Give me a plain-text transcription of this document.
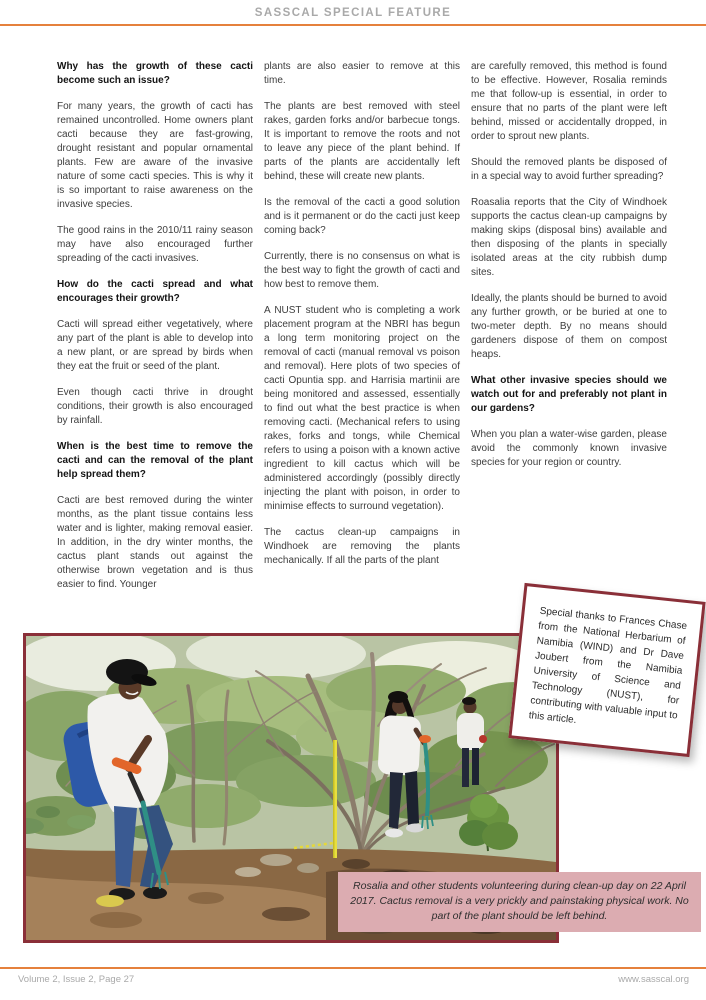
SASSCAL SPECIAL FEATURE
Why has the growth of these cacti become such an issue?
For many years, the growth of cacti has remained uncontrolled. Home owners plant cacti because they are fast-growing, drought resistant and popular ornamental plants. Few are aware of the invasive nature of some cacti species. This is why it is so important to raise awareness on the invasive species.
The good rains in the 2010/11 rainy season may have also encouraged further spreading of the cacti invasives.
How do the cacti spread and what encourages their growth?
Cacti will spread either vegetatively, where any part of the plant is able to develop into a new plant, or are spread by birds when they eat the fruit or seed of the plant.
Even though cacti thrive in drought conditions, their growth is also encouraged by rainfall.
When is the best time to remove the cacti and can the removal of the plant help spread them?
Cacti are best removed during the winter months, as the plant tissue contains less water and is lighter, making removal easier. In addition, in the dry winter months, the cactus plant stands out against the otherwise brown vegetation and is thus easier to find. Younger
plants are also easier to remove at this time.
The plants are best removed with steel rakes, garden forks and/or barbecue tongs. It is important to remove the roots and not to leave any piece of the plant behind. If parts of the plants are accidentally left behind, these will create new plants.
Is the removal of the cacti a good solution and is it permanent or do the cacti just keep coming back?
Currently, there is no consensus on what is the best way to fight the growth of cacti and how best to remove them.
A NUST student who is completing a work placement program at the NBRI has begun a long term monitoring project on the removal of cacti (manual removal vs poison and removal). Here plots of two species of cacti Opuntia spp. and Harrisia martinii are being monitored and assessed, essentially to find out what the best practice is when removing cacti. (Mechanical refers to using rakes, forks and tongs, while Chemical refers to using a poison with a known active ingredient to kill cactus which will be administered accordingly (possibly directly injecting the plant with poison, in order to minimise effects to surround vegetation).
The cactus clean-up campaigns in Windhoek are removing the plants mechanically. If all the parts of the plant
are carefully removed, this method is found to be effective. However, Rosalia reminds me that follow-up is essential, in order to ensure that no parts of the plant were left behind, missed or accidentally dropped, in order to sprout new plants.
Should the removed plants be disposed of in a special way to avoid further spreading?
Roasalia reports that the City of Windhoek supports the cactus clean-up campaigns by making skips (disposal bins) available and then disposing of the plants in specially isolated areas at the city rubbish dump sites.
Ideally, the plants should be burned to avoid any further growth, or be buried at one to two-meter depth. By no means should gardeners dispose of them on compost heaps.
What other invasive species should we watch out for and preferably not plant in our gardens?
When you plan a water-wise garden, please avoid the commonly known invasive species for your region or country.
Special thanks to Frances Chase from the National Herbarium of Namibia (WIND) and Dr Dave Joubert from the Namibia University of Science and Technology (NUST), for contributing with valuable input to this article.
Rosalia and other students volunteering during clean-up day on 22 April 2017. Cactus removal is a very prickly and painstaking physical work. No part of the plant should be left behind.
Volume 2, Issue 2, Page 27	www.sasscal.org
